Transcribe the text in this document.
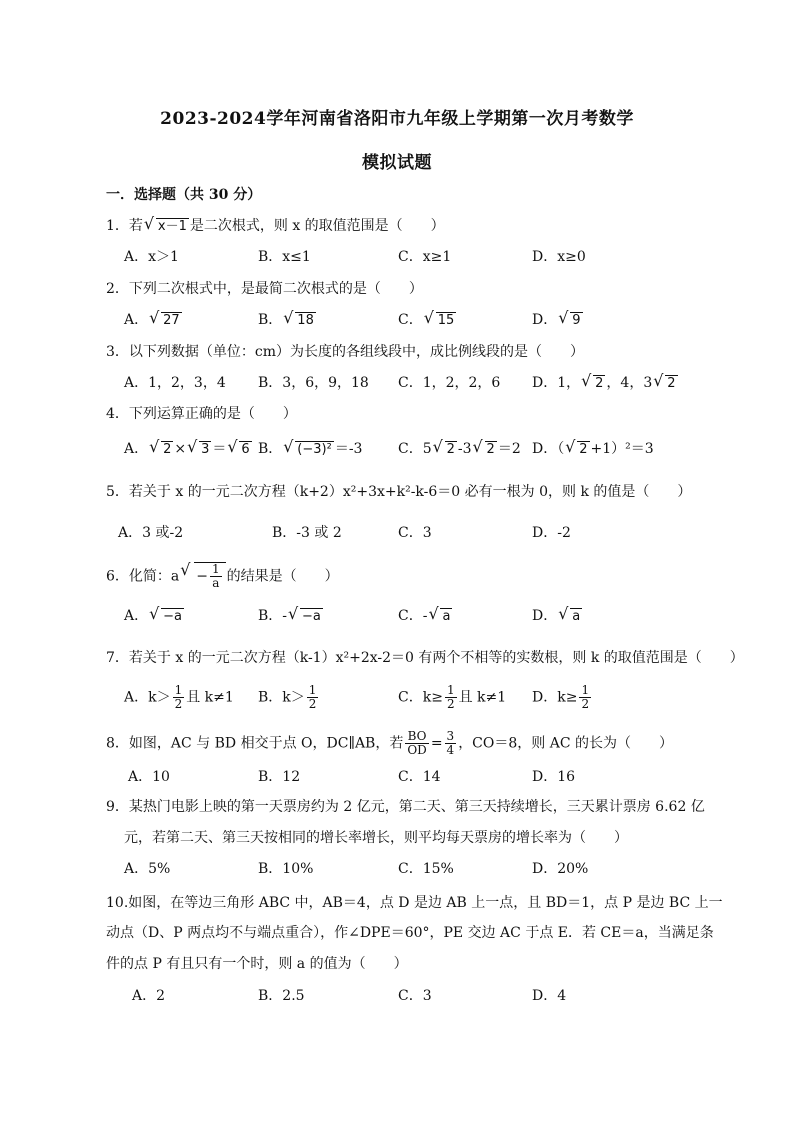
2023-2024学年河南省洛阳市九年级上学期第一次月考数学
模拟试题
一．选择题（共 30 分）
1．若√ x－1 是二次根式，则 x 的取值范围是（　　）
A．x＞1	B．x≤1	C．x≥1	D．x≥0
2．下列二次根式中，是最简二次根式的是（　　）
A．√ 27	B．√ 18	C．√ 15	D．√ 9
3．以下列数据（单位：cm）为长度的各组线段中，成比例线段的是（　　）
A．1，2，3，4 B．3，6，9，18 C．1，2，2，6 D．1，√ 2 ，4，3√ 2
4．下列运算正确的是（　　）
A．√ 2 ×√ 3 ＝√ 6 B．√ (−3)² ＝-3	C．5√ 2 -3√ 2 ＝2 D．（√ 2 +1）²＝3
5．若关于 x 的一元二次方程（k+2）x²+3x+k²-k-6＝0 必有一根为 0，则 k 的值是（　　）
A．3 或-2	B．-3 或 2	C．3	D．-2
6．化简：$a√ - \frac{1}{a}$ 的结果是（　　）
A．√ −a	B．-√ −a	C．-√ a	D．√ a
7．若关于 x 的一元二次方程（k-1）x²+2x-2＝0 有两个不相等的实数根，则 k 的取值范围是（　　）
A．$k> \frac{1}{2}$ 且 k≠1 B．$k> \frac{1}{2}$	C．$k\ge \frac{1}{2}$ 且 k≠1 D．$k\ge \frac{1}{2}$
8．如图，AC 与 BD 相交于点 O，DC∥AB，若 $\frac{BO}{OD} = \frac{3}{4}$ ，CO＝8，则 AC 的长为（　　）
A．10	B．12	C．14	D．16
9．某热门电影上映的第一天票房约为 2 亿元，第二天、第三天持续增长，三天累计票房 6.62 亿
元，若第二天、第三天按相同的增长率增长，则平均每天票房的增长率为（　　）
A．5%	B．10%	C．15%	D．20%
10.如图，在等边三角形 ABC 中，AB＝4，点 D 是边 AB 上一点，且 BD＝1，点 P 是边 BC 上一
动点（D、P 两点均不与端点重合），作∠DPE＝60°，PE 交边 AC 于点 E．若 CE＝a，当满足条
件的点 P 有且只有一个时，则 a 的值为（　　）
A．2	B．2.5	C．3	D．4
